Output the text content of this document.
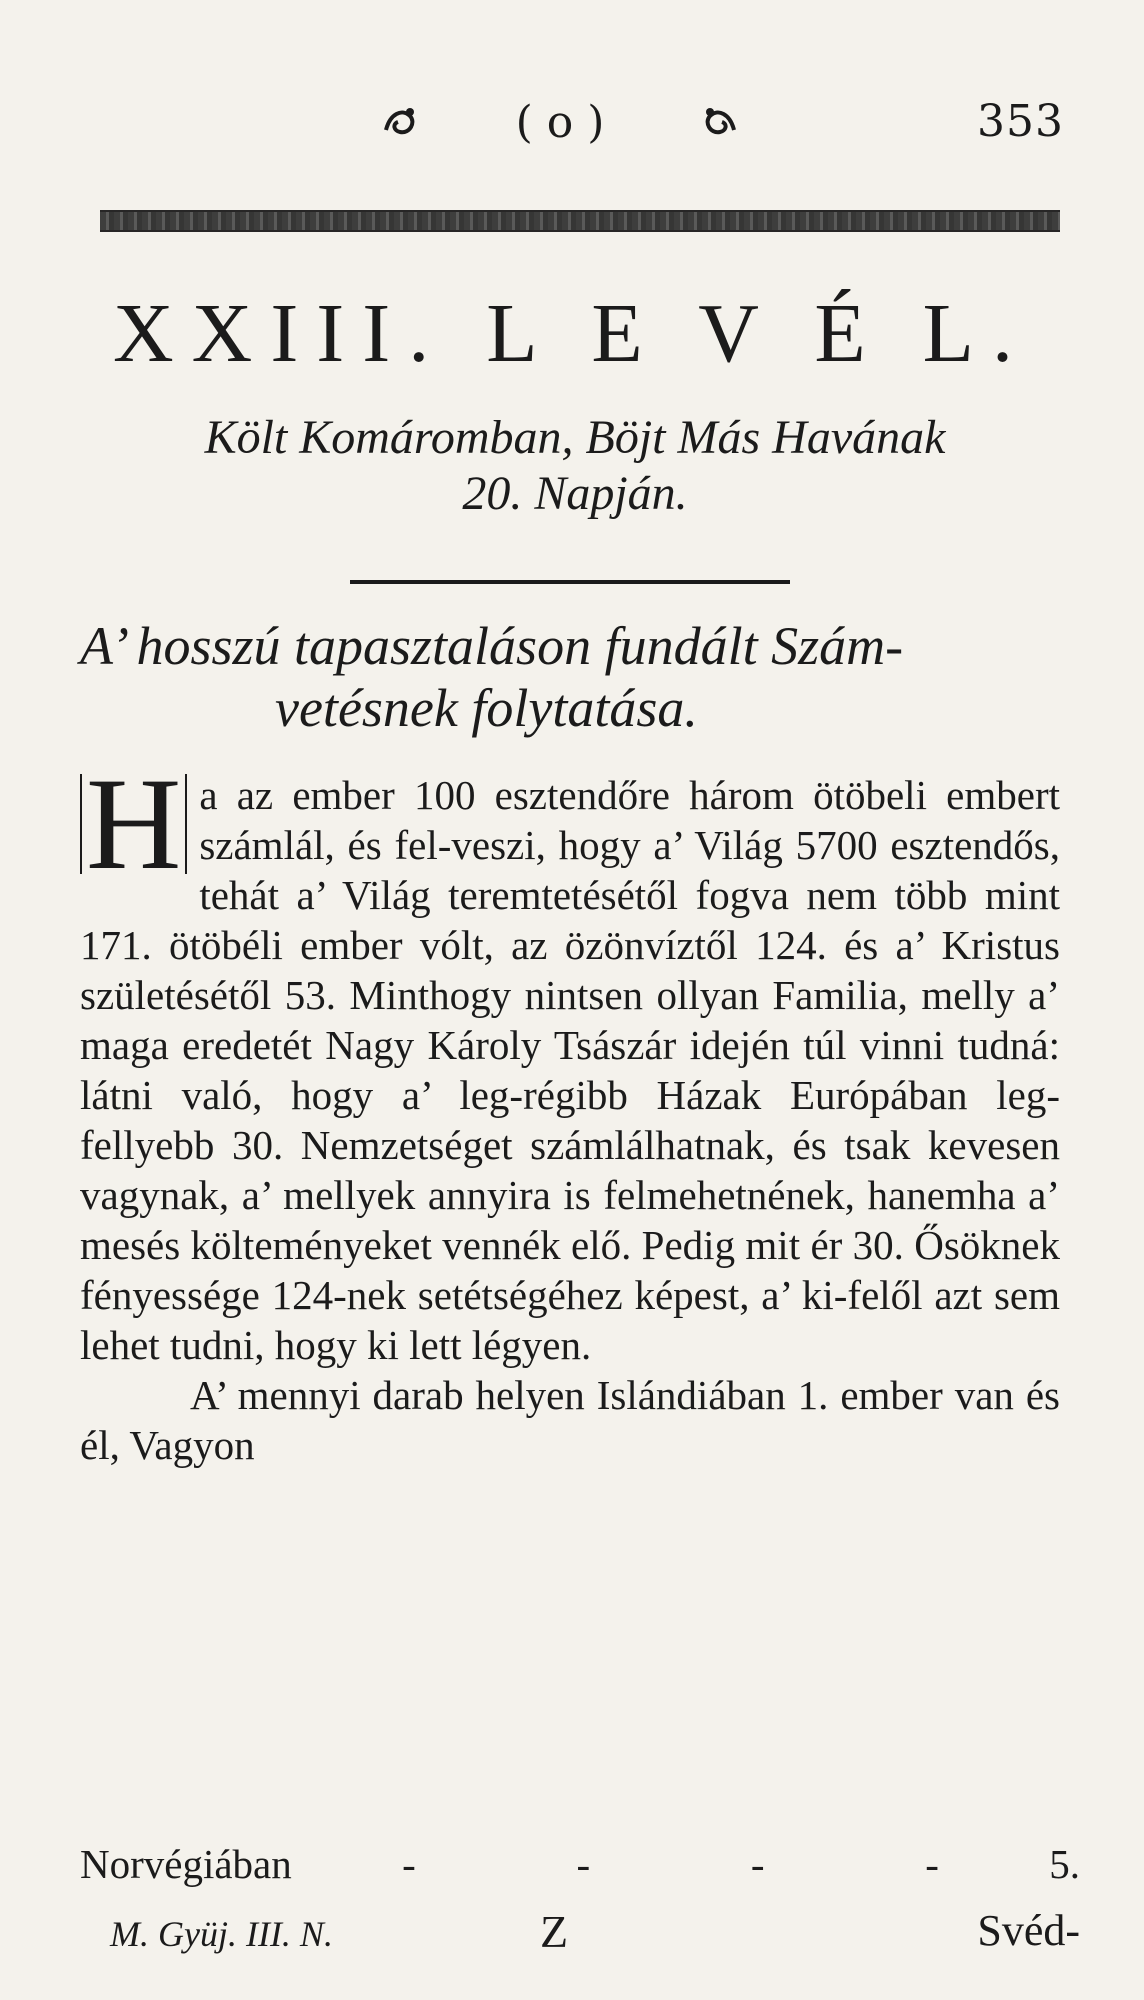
( o )	353
XXIII. L E V É L.
Költ Komáromban, Böjt Más Havának
20. Napján.
A’ hosszú tapasztaláson fundált Szám-
vetésnek folytatása.

H a az ember 100 esztendőre három ötöbeli embert számlál, és fel-veszi, hogy a’ Világ 5700 esztendős, tehát a’ Világ teremtetésétől fogva nem több mint 171. ötöbéli ember vólt, az özönvíztől 124. és a’ Kristus születésétől 53. Minthogy nintsen ollyan Familia, melly a’ maga eredetét Nagy Károly Tsászár idején túl vinni tudná: látni való, hogy a’ leg-régibb Házak Európában leg-fellyebb 30. Nemzetséget számlálhatnak, és tsak kevesen vagynak, a’ mellyek annyira is felmehetnének, hanemha a’ mesés költeményeket vennék elő. Pedig mit ér 30. Ősöknek fényessége 124-nek setétségéhez képest, a’ ki-felől azt sem lehet tudni, hogy ki lett légyen.

A’ mennyi darab helyen Islándiában 1. ember van és él, Vagyon

Norvégiában	-	-	-	-	5.
M. Gyüj. III. N.	Z	Svéd-
